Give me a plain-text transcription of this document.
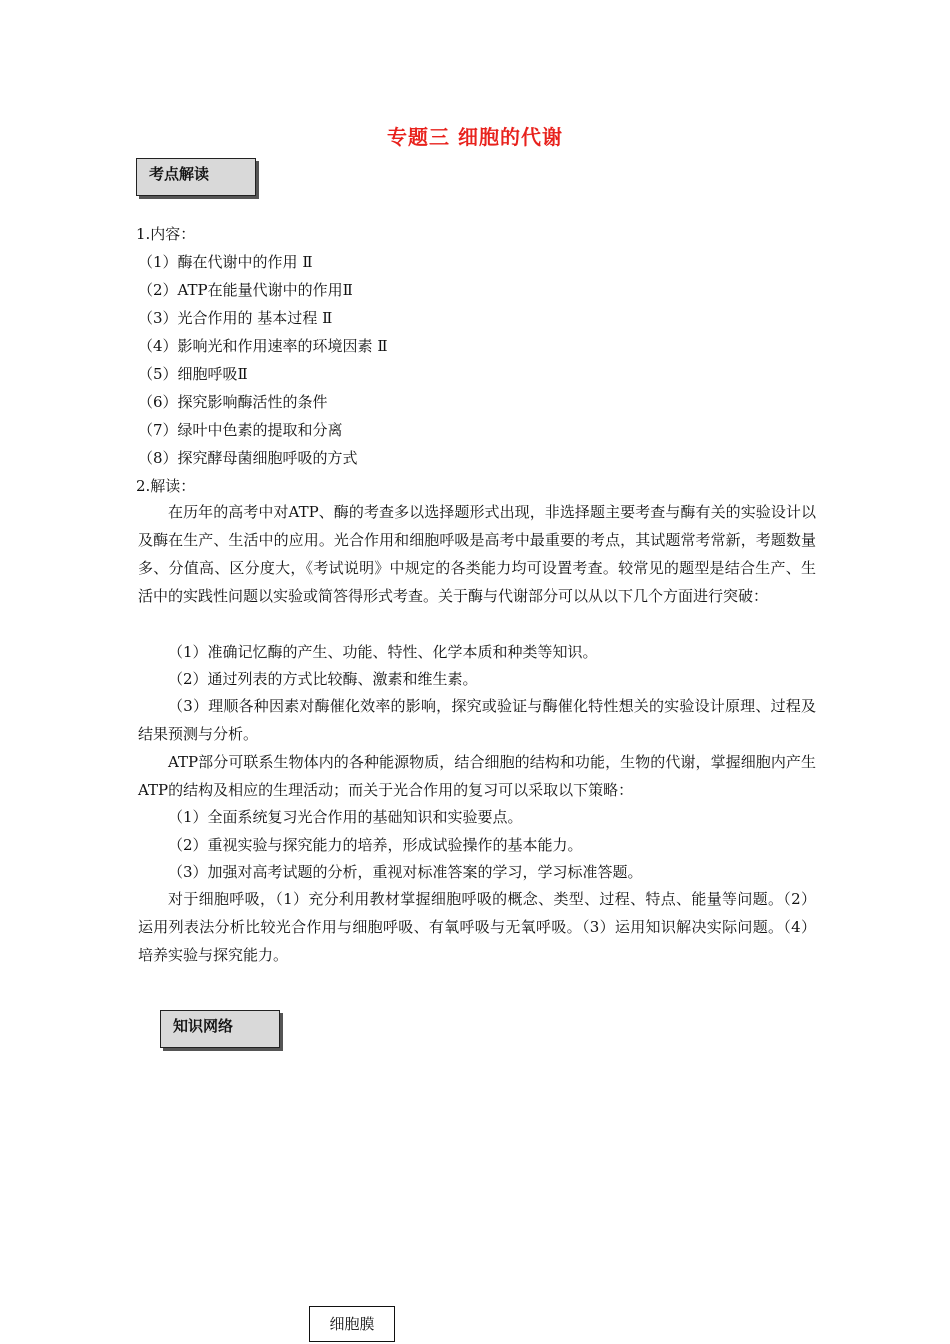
专题三 细胞的代谢
考点解读
1.内容：
（1）酶在代谢中的作用 Ⅱ
（2）ATP在能量代谢中的作用Ⅱ
（3）光合作用的 基本过程 Ⅱ
（4）影响光和作用速率的环境因素 Ⅱ
（5）细胞呼吸Ⅱ
（6）探究影响酶活性的条件
（7）绿叶中色素的提取和分离
（8）探究酵母菌细胞呼吸的方式
2.解读：
在历年的高考中对ATP、酶的考查多以选择题形式出现，非选择题主要考查与酶有关的实验设计以及酶在生产、生活中的应用。光合作用和细胞呼吸是高考中最重要的考点，其试题常考常新，考题数量多、分值高、区分度大，《考试说明》中规定的各类能力均可设置考查。较常见的题型是结合生产、生活中的实践性问题以实验或简答得形式考查。关于酶与代谢部分可以从以下几个方面进行突破：
（1）准确记忆酶的产生、功能、特性、化学本质和种类等知识。
（2）通过列表的方式比较酶、激素和维生素。
（3）理顺各种因素对酶催化效率的影响，探究或验证与酶催化特性想关的实验设计原理、过程及结果预测与分析。
ATP部分可联系生物体内的各种能源物质，结合细胞的结构和功能，生物的代谢，掌握细胞内产生ATP的结构及相应的生理活动；而关于光合作用的复习可以采取以下策略：
（1）全面系统复习光合作用的基础知识和实验要点。
（2）重视实验与探究能力的培养，形成试验操作的基本能力。
（3）加强对高考试题的分析，重视对标准答案的学习，学习标准答题。
对于细胞呼吸，（1）充分利用教材掌握细胞呼吸的概念、类型、过程、特点、能量等问题。（2）运用列表法分析比较光合作用与细胞呼吸、有氧呼吸与无氧呼吸。（3）运用知识解决实际问题。（4）培养实验与探究能力。
知识网络
细胞膜
